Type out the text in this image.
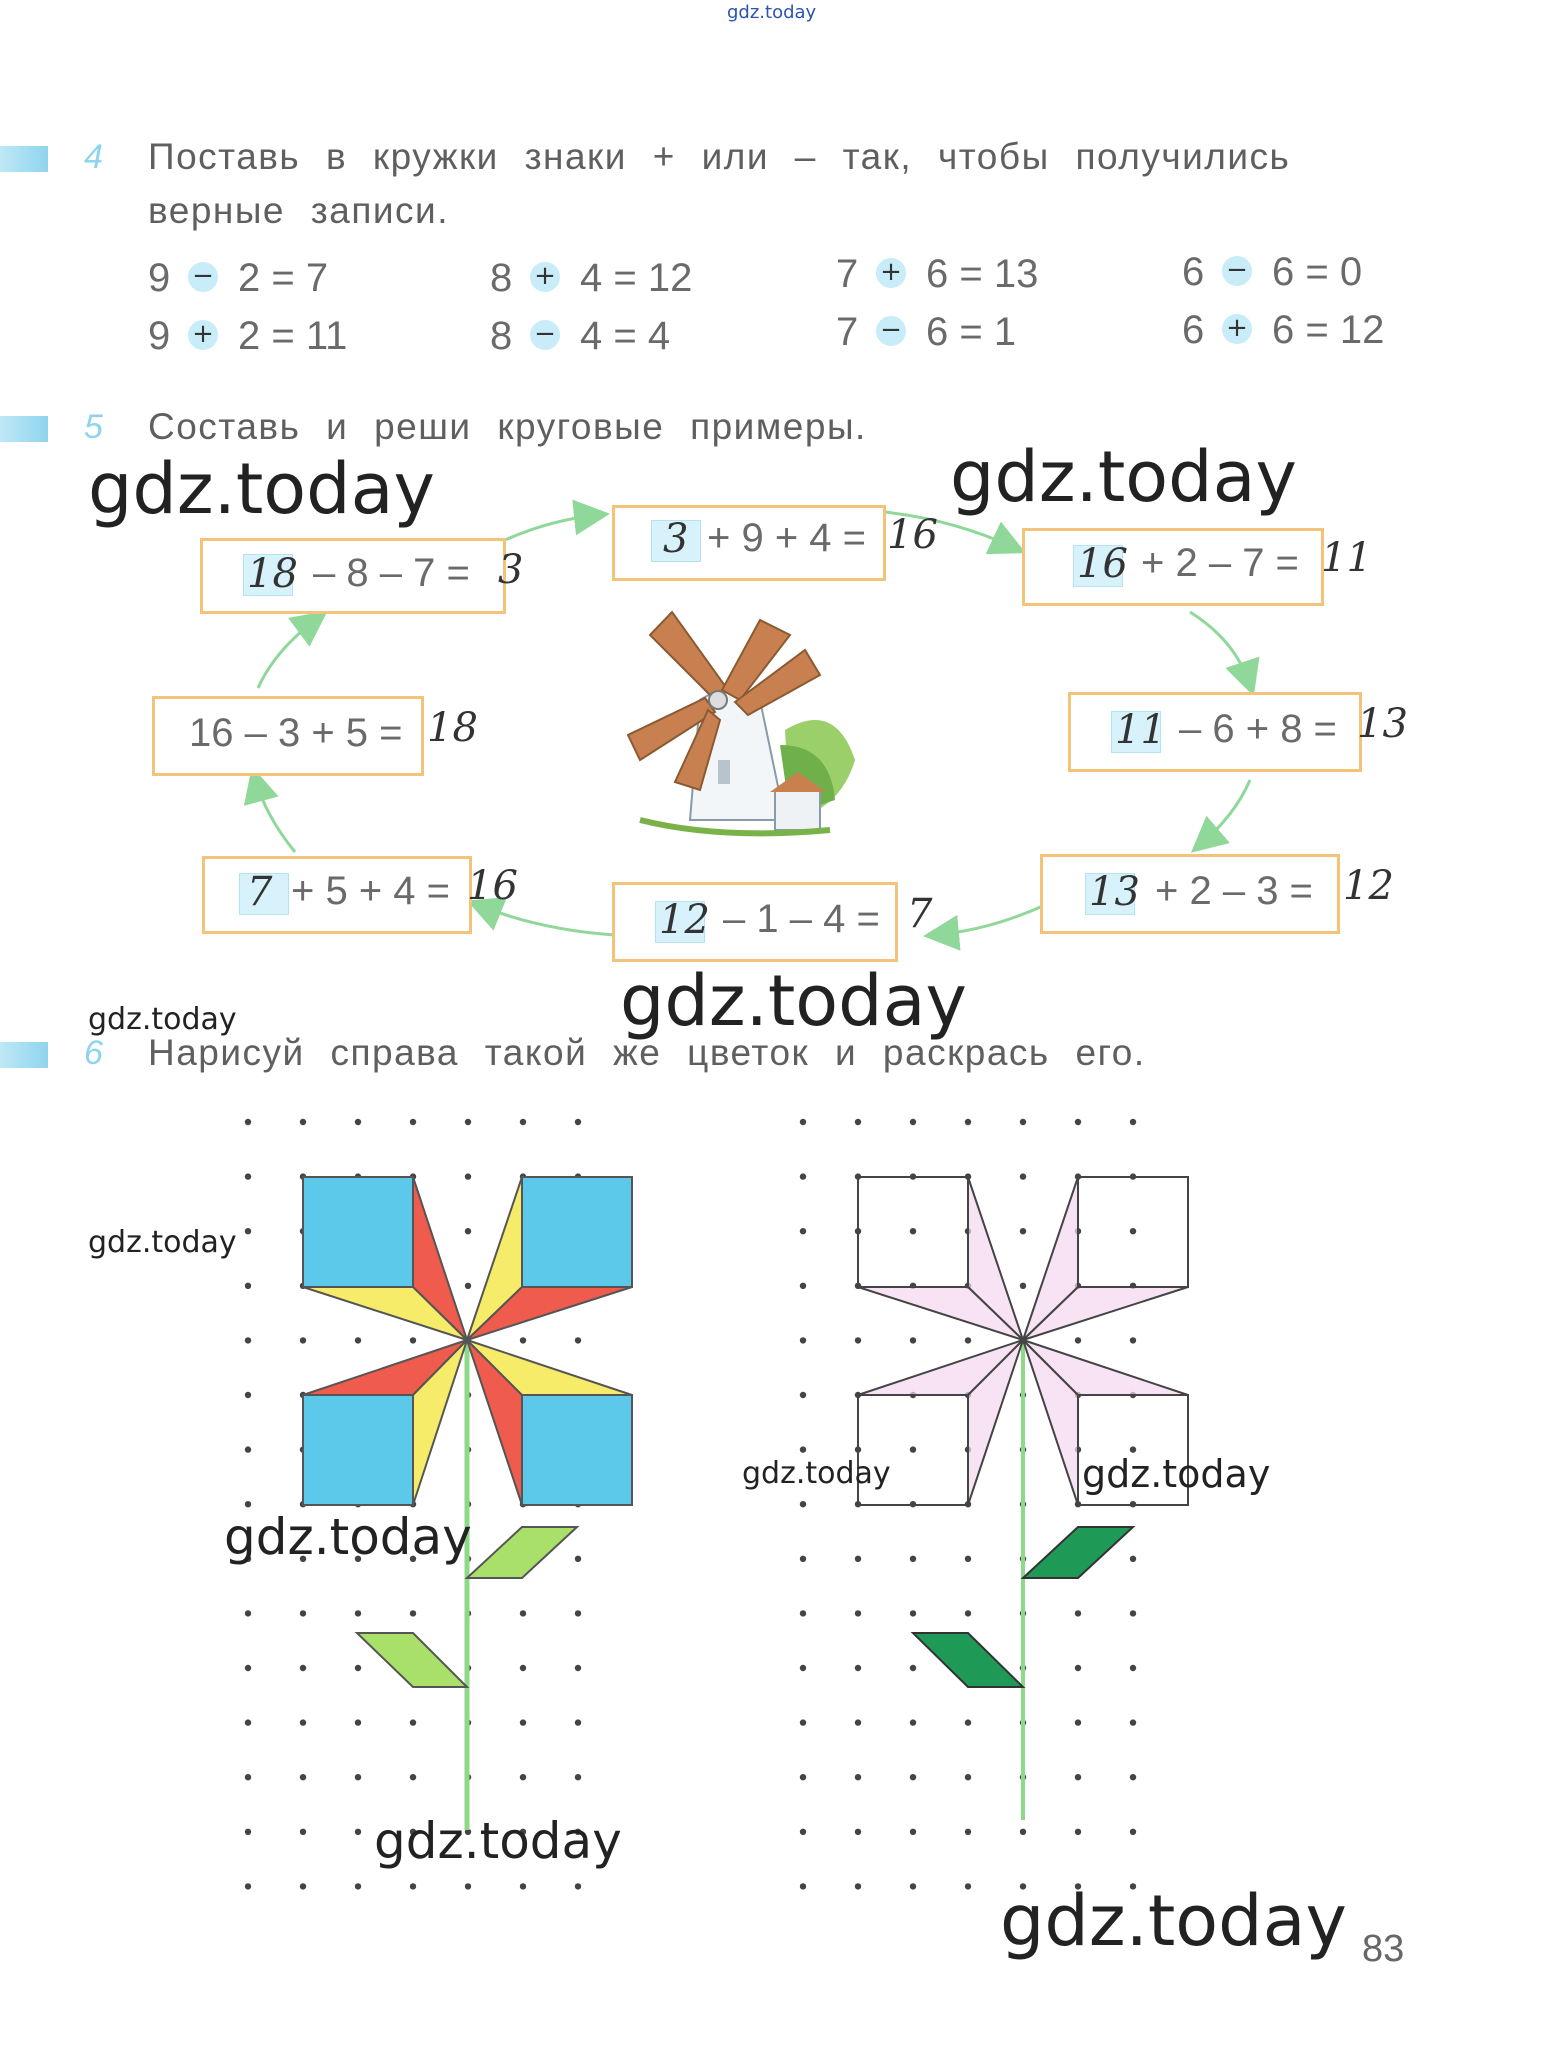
gdz.today
4 Поставь в кружки знаки + или – так, чтобы получились
верные записи.
9 − 2 = 7
9 + 2 = 11
8 + 4 = 12
8 − 4 = 4
7 + 6 = 13
7 − 6 = 1
6 − 6 = 0
6 + 6 = 12
5 Составь и реши круговые примеры.
18 – 8 – 7 = 3
3 + 9 + 4 = 16
16 + 2 – 7 = 11
11 – 6 + 8 = 13
13 + 2 – 3 = 12
12 – 1 – 4 = 7
7 + 5 + 4 = 16
16 – 3 + 5 = 18
6 Нарисуй справа такой же цветок и раскрась его.
gdz.today	gdz.today
gdz.today
gdz.today
gdz.today
gdz.today
gdz.today	gdz.today
gdz.today
gdz.today 83
